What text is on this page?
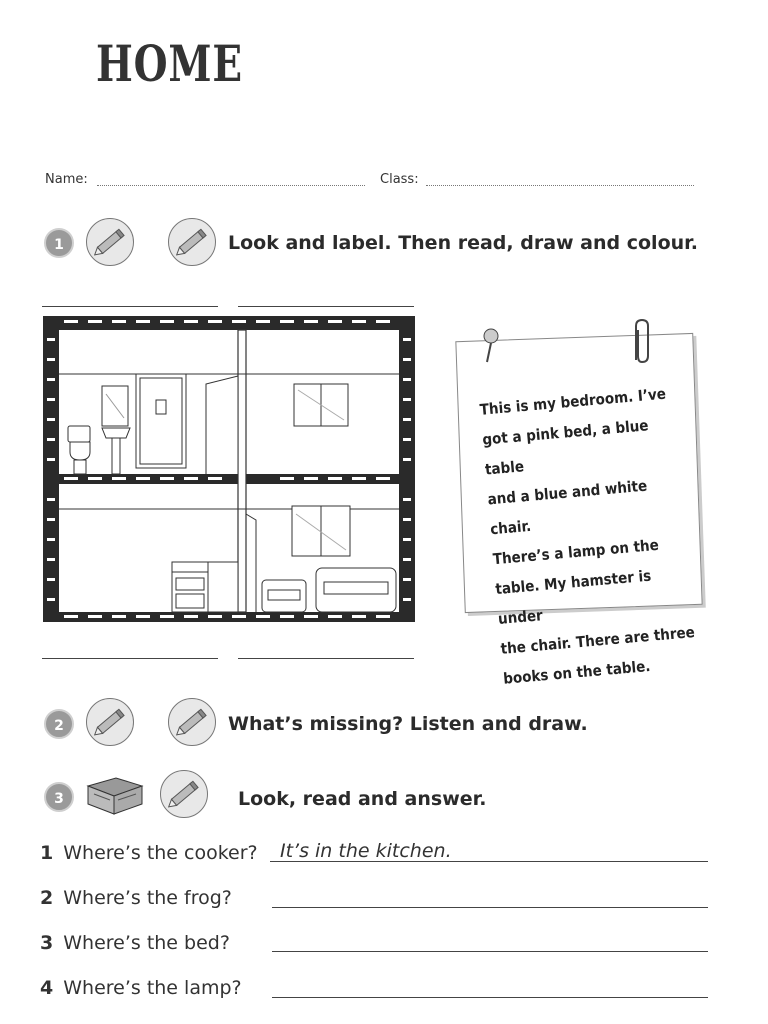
HOME
Name:	Class:
1	Look and label. Then read, draw and colour.
This is my bedroom. I’ve
got a pink bed, a blue table
and a blue and white chair.
There’s a lamp on the
table. My hamster is under
the chair. There are three
books on the table.
2	What’s missing? Listen and draw.
3	Look, read and answer.
1 Where’s the cooker? It’s in the kitchen.
2 Where’s the frog?
3 Where’s the bed?
4 Where’s the lamp?
